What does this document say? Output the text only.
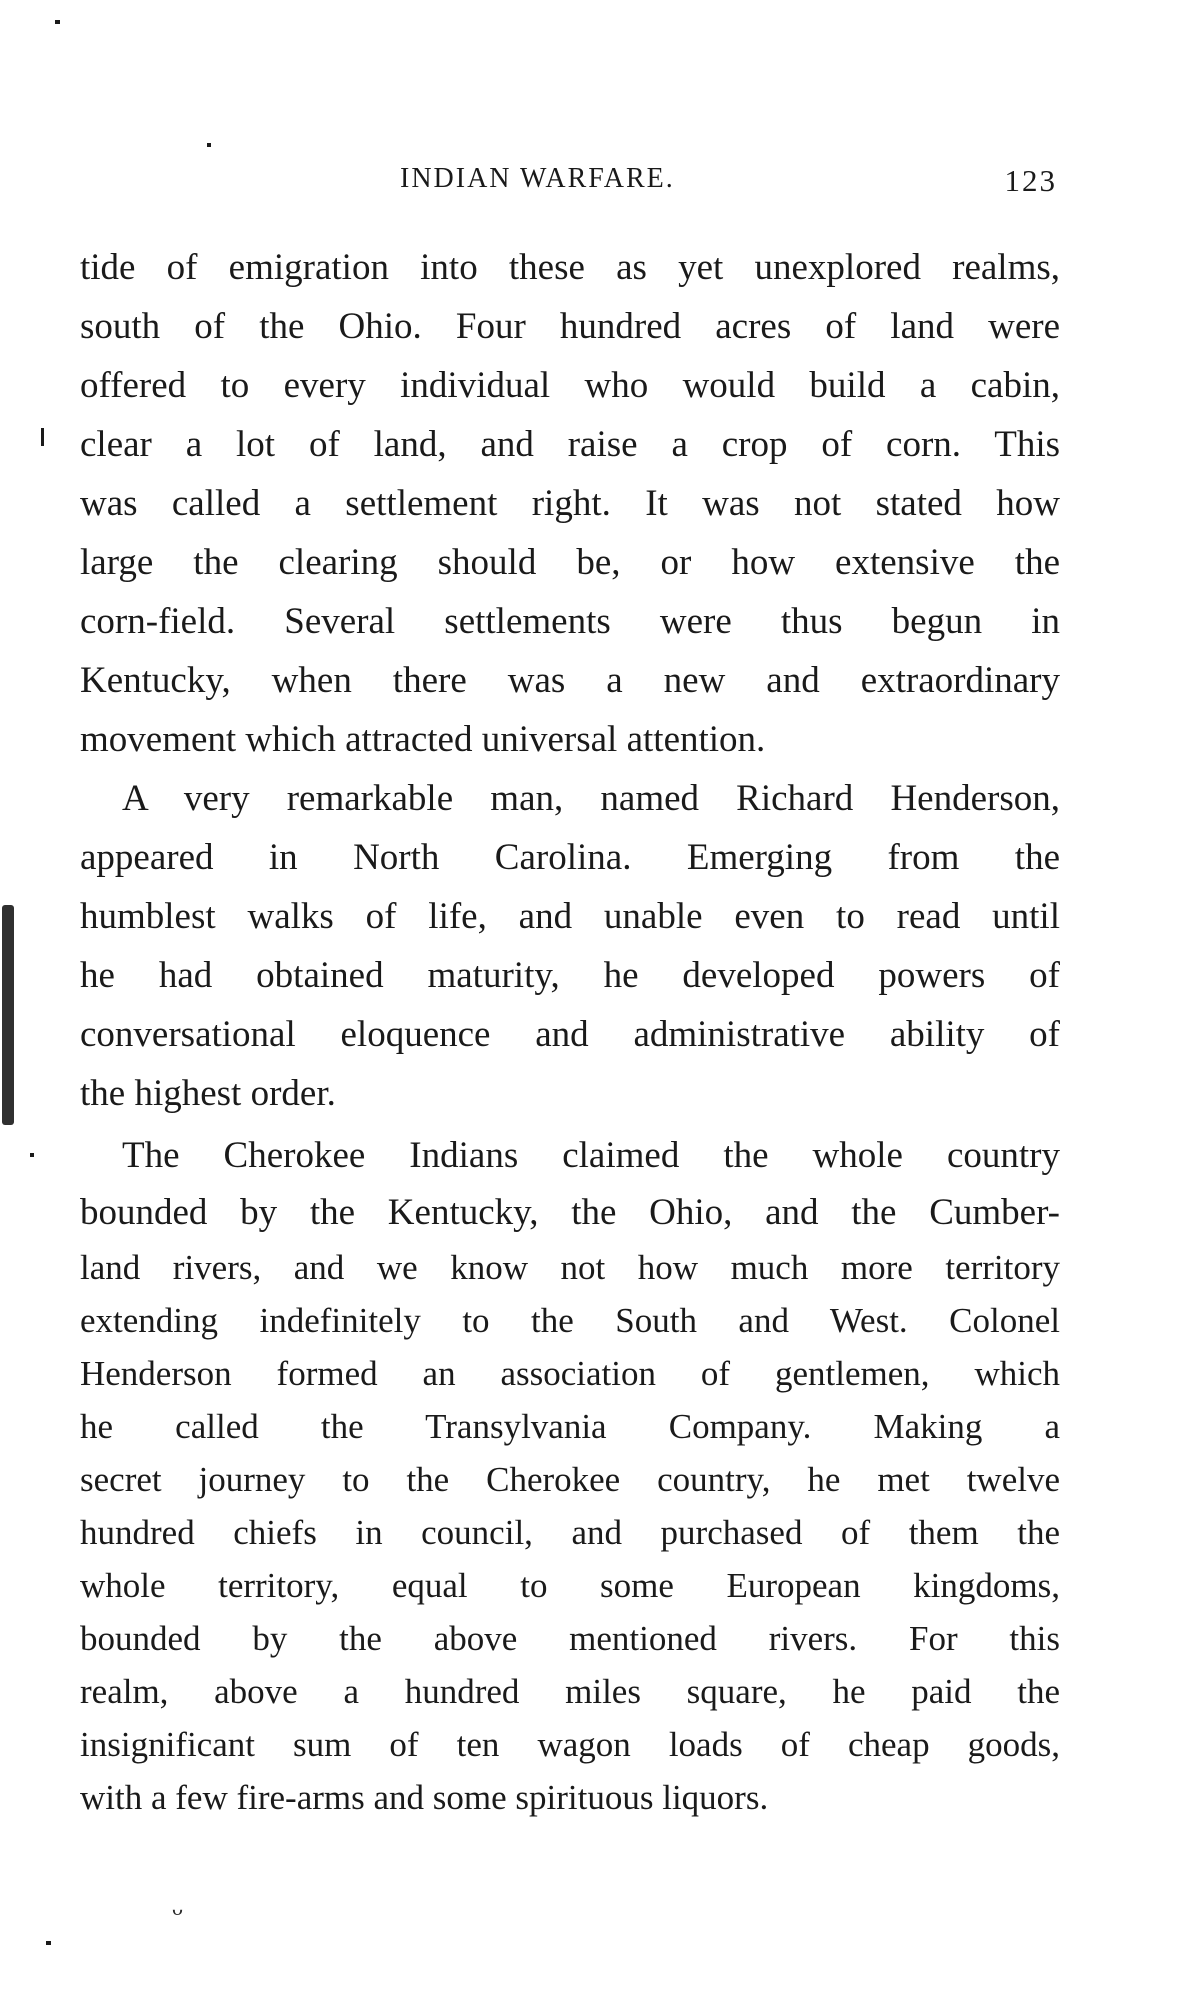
INDIAN WARFARE.	123
tide of emigration into these as yet unexplored realms,
south of the Ohio. Four hundred acres of land were
offered to every individual who would build a cabin,
clear a lot of land, and raise a crop of corn. This
was called a settlement right. It was not stated how
large the clearing should be, or how extensive the
corn-field. Several settlements were thus begun in
Kentucky, when there was a new and extraordinary
movement which attracted universal attention.
A very remarkable man, named Richard Henderson,
appeared in North Carolina. Emerging from the
humblest walks of life, and unable even to read until
he had obtained maturity, he developed powers of
conversational eloquence and administrative ability of
the highest order.
The Cherokee Indians claimed the whole country
bounded by the Kentucky, the Ohio, and the Cumber-
land rivers, and we know not how much more territory
extending indefinitely to the South and West. Colonel
Henderson formed an association of gentlemen, which
he called the Transylvania Company. Making a
secret journey to the Cherokee country, he met twelve
hundred chiefs in council, and purchased of them the
whole territory, equal to some European kingdoms,
bounded by the above mentioned rivers. For this
realm, above a hundred miles square, he paid the
insignificant sum of ten wagon loads of cheap goods,
with a few fire-arms and some spirituous liquors.
ᴗ
